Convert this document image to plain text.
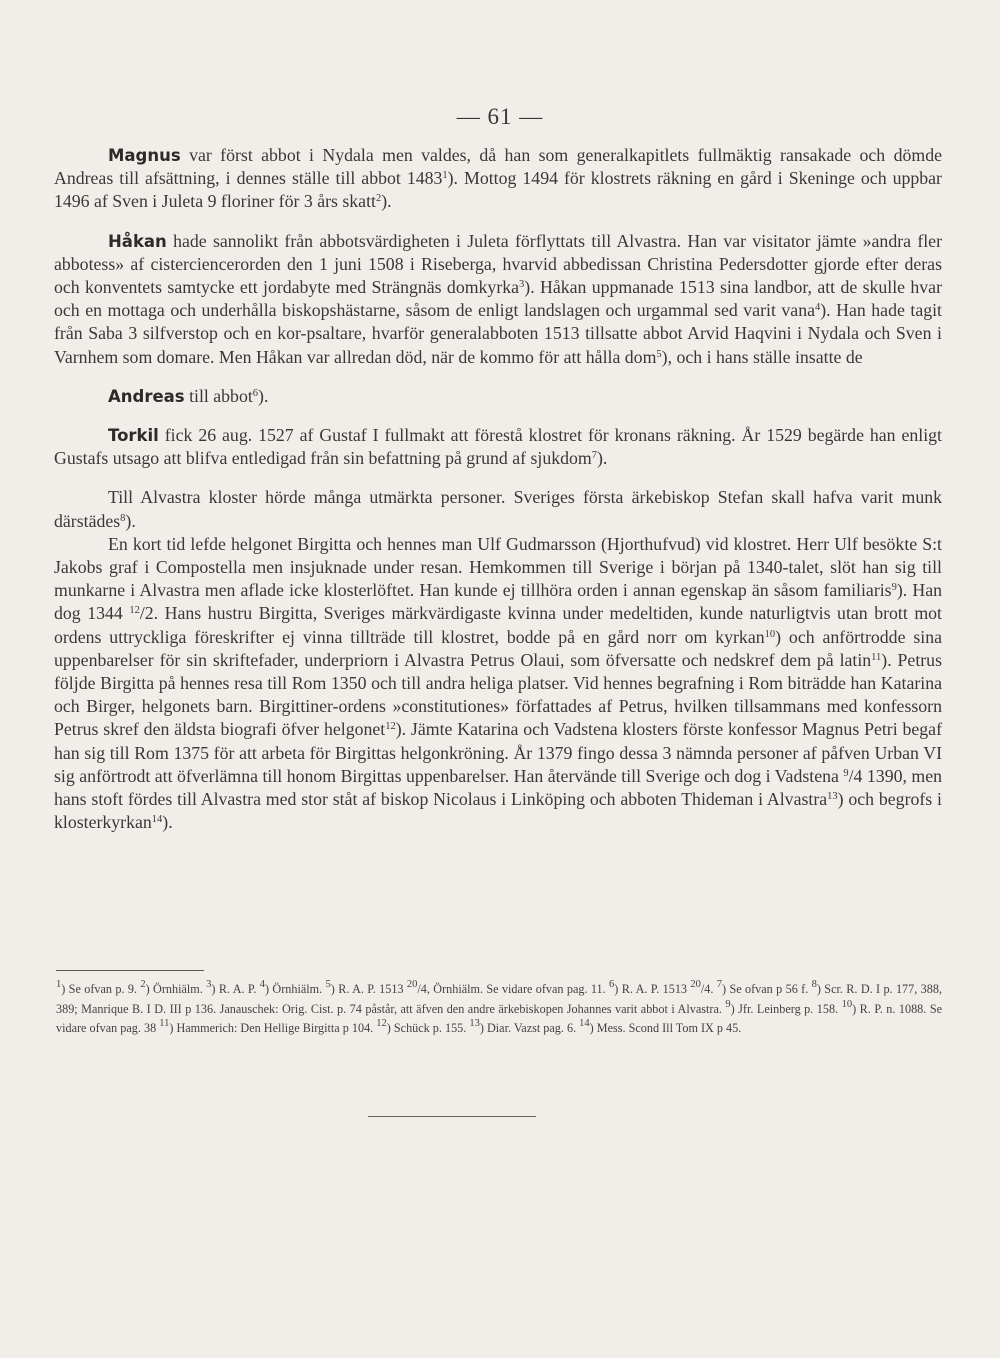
— 61 —

Magnus var först abbot i Nydala men valdes, då han som generalkapitlets fullmäktig ransakade och dömde Andreas till afsättning, i dennes ställe till abbot 1483$^1$). Mottog 1494 för klostrets räkning en gård i Skeninge och uppbar 1496 af Sven i Juleta 9 floriner för 3 års skatt$^2$).

Håkan hade sannolikt från abbotsvärdigheten i Juleta förflyttats till Alvastra. Han var visitator jämte »andra fler abbotess» af cisterciencerorden den 1 juni 1508 i Riseberga, hvarvid abbedissan Christina Pedersdotter gjorde efter deras och konventets samtycke ett jordabyte med Strängnäs domkyrka$^3$). Håkan uppmanade 1513 sina landbor, att de skulle hvar och en mottaga och underhålla biskopshästarne, såsom de enligt landslagen och urgammal sed varit vana$^4$). Han hade tagit från Saba 3 silfverstop och en kor-psaltare, hvarför generalabboten 1513 tillsatte abbot Arvid Haqvini i Nydala och Sven i Varnhem som domare. Men Håkan var allredan död, när de kommo för att hålla dom$^5$), och i hans ställe insatte de

Andreas till abbot$^6$).

Torkil fick 26 aug. 1527 af Gustaf I fullmakt att förestå klostret för kronans räkning. År 1529 begärde han enligt Gustafs utsago att blifva entledigad från sin befattning på grund af sjukdom$^7$).

Till Alvastra kloster hörde många utmärkta personer. Sveriges första ärkebiskop Stefan skall hafva varit munk därstädes$^8$).

En kort tid lefde helgonet Birgitta och hennes man Ulf Gudmarsson (Hjorthufvud) vid klostret. Herr Ulf besökte S:t Jakobs graf i Compostella men insjuknade under resan. Hemkommen till Sverige i början på 1340-talet, slöt han sig till munkarne i Alvastra men aflade icke klosterlöftet. Han kunde ej tillhöra orden i annan egenskap än såsom familiaris$^9$). Han dog 1344 $^{12}$/2. Hans hustru Birgitta, Sveriges märkvärdigaste kvinna under medeltiden, kunde naturligtvis utan brott mot ordens uttryckliga föreskrifter ej vinna tillträde till klostret, bodde på en gård norr om kyrkan$^{10}$) och anförtrodde sina uppenbarelser för sin skriftefader, underpriorn i Alvastra Petrus Olaui, som öfversatte och nedskref dem på latin$^{11}$). Petrus följde Birgitta på hennes resa till Rom 1350 och till andra heliga platser. Vid hennes begrafning i Rom biträdde han Katarina och Birger, helgonets barn. Birgittiner-ordens »constitutiones» författades af Petrus, hvilken tillsammans med konfessorn Petrus skref den äldsta biografi öfver helgonet$^{12}$). Jämte Katarina och Vadstena klosters förste konfessor Magnus Petri begaf han sig till Rom 1375 för att arbeta för Birgittas helgonkröning. År 1379 fingo dessa 3 nämnda personer af påfven Urban VI sig anförtrodt att öfverlämna till honom Birgittas uppenbarelser. Han återvände till Sverige och dog i Vadstena $^9$/4 1390, men hans stoft fördes till Alvastra med stor ståt af biskop Nicolaus i Linköping och abboten Thideman i Alvastra$^{13}$) och begrofs i klosterkyrkan$^{14}$).

$^1$) Se ofvan p. 9. $^2$) Örnhiälm. $^3$) R. A. P. $^4$) Örnhiälm. $^5$) R. A. P. 1513 $^{20}$/4, Örnhiälm. Se vidare ofvan pag. 11. $^6$) R. A. P. 1513 $^{20}$/4. $^7$) Se ofvan p 56 f. $^8$) Scr. R. D. I p. 177, 388, 389; Manrique B. I D. III p 136. Janauschek: Orig. Cist. p. 74 påstår, att äfven den andre ärkebiskopen Johannes varit abbot i Alvastra. $^9$) Jfr. Leinberg p. 158. $^{10}$) R. P. n. 1088. Se vidare ofvan pag. 38 $^{11}$) Hammerich: Den Hellige Birgitta p 104. $^{12}$) Schück p. 155. $^{13}$) Diar. Vazst pag. 6. $^{14}$) Mess. Scond Ill Tom IX p 45.
